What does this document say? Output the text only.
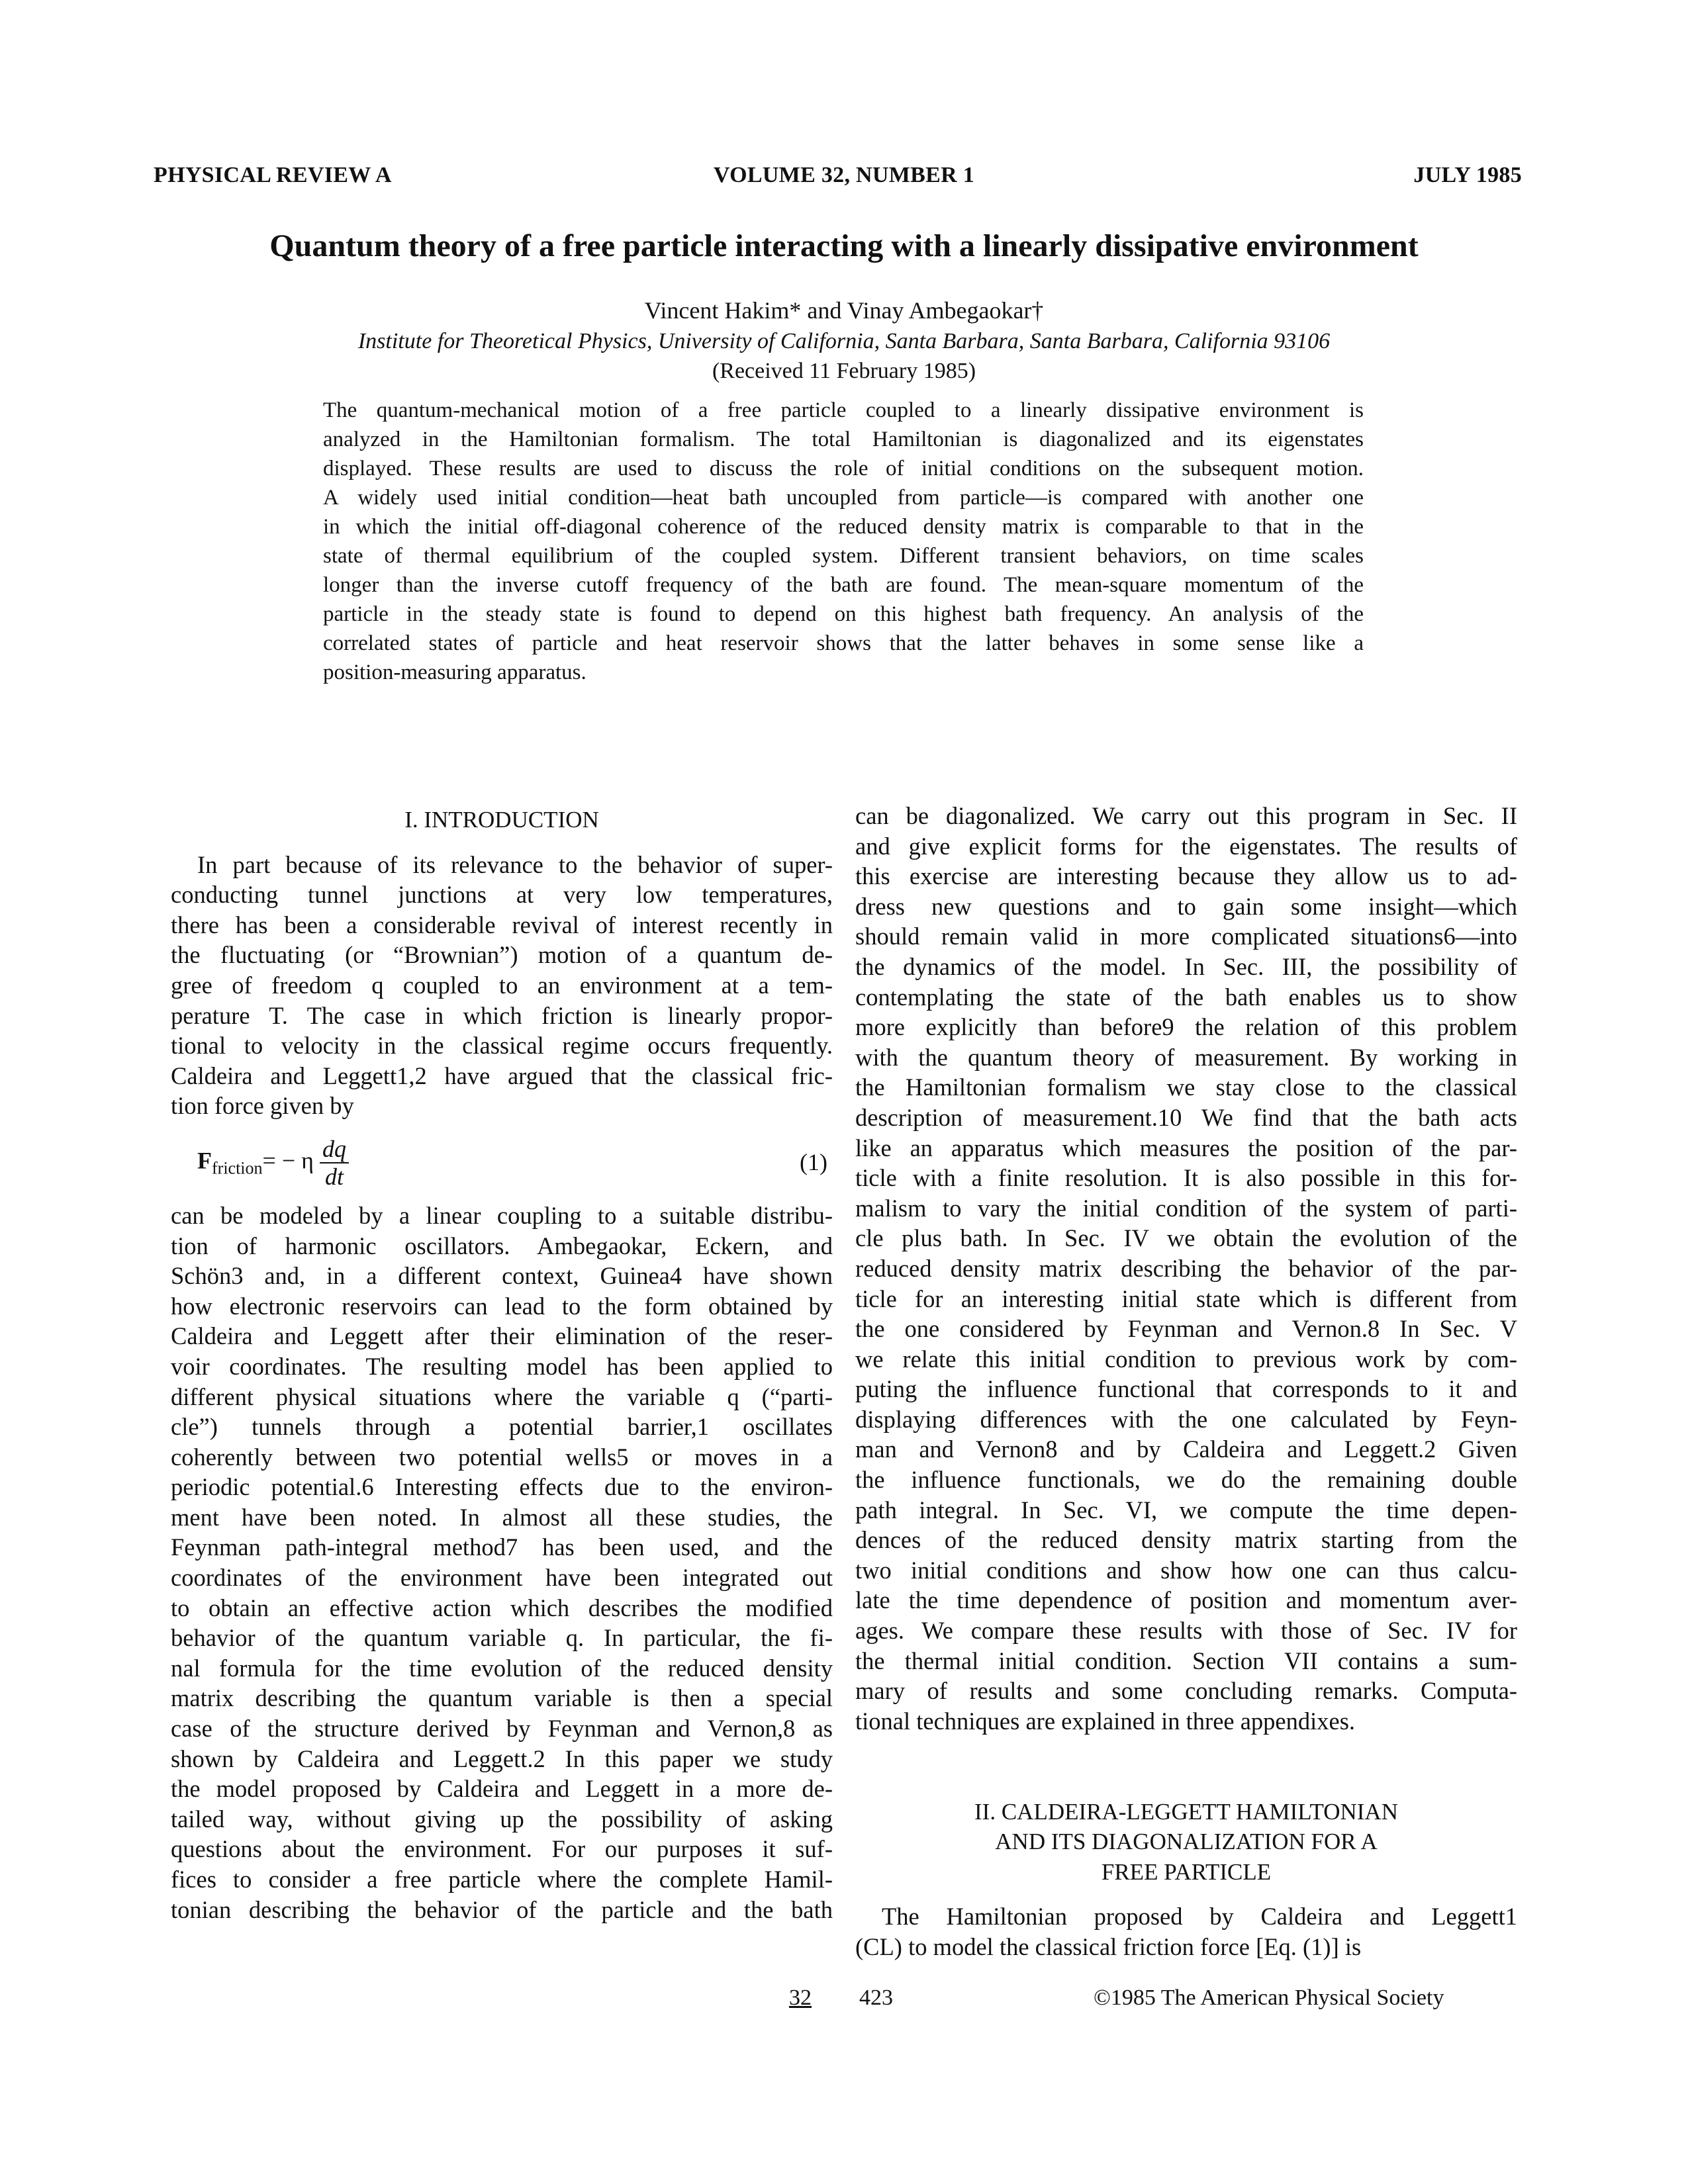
PHYSICAL REVIEW A	VOLUME 32, NUMBER 1	JULY 1985
Quantum theory of a free particle interacting with a linearly dissipative environment
Vincent Hakim* and Vinay Ambegaokar†
Institute for Theoretical Physics, University of California, Santa Barbara, Santa Barbara, California 93106
(Received 11 February 1985)
The quantum-mechanical motion of a free particle coupled to a linearly dissipative environment is
analyzed in the Hamiltonian formalism. The total Hamiltonian is diagonalized and its eigenstates
displayed. These results are used to discuss the role of initial conditions on the subsequent motion.
A widely used initial condition—heat bath uncoupled from particle—is compared with another one
in which the initial off-diagonal coherence of the reduced density matrix is comparable to that in the
state of thermal equilibrium of the coupled system. Different transient behaviors, on time scales
longer than the inverse cutoff frequency of the bath are found. The mean-square momentum of the
particle in the steady state is found to depend on this highest bath frequency. An analysis of the
correlated states of particle and heat reservoir shows that the latter behaves in some sense like a
position-measuring apparatus.
I. INTRODUCTION
In part because of its relevance to the behavior of super-
conducting tunnel junctions at very low temperatures,
there has been a considerable revival of interest recently in
the fluctuating (or “Brownian”) motion of a quantum de-
gree of freedom q coupled to an environment at a tem-
perature T. The case in which friction is linearly propor-
tional to velocity in the classical regime occurs frequently.
Caldeira and Leggett1,2 have argued that the classical fric-
tion force given by
$F_{friction}= - \eta \frac{dq}{dt}$	(1)
can be modeled by a linear coupling to a suitable distribu-
tion of harmonic oscillators. Ambegaokar, Eckern, and
Schön3 and, in a different context, Guinea4 have shown
how electronic reservoirs can lead to the form obtained by
Caldeira and Leggett after their elimination of the reser-
voir coordinates. The resulting model has been applied to
different physical situations where the variable q (“parti-
cle”) tunnels through a potential barrier,1 oscillates
coherently between two potential wells5 or moves in a
periodic potential.6 Interesting effects due to the environ-
ment have been noted. In almost all these studies, the
Feynman path-integral method7 has been used, and the
coordinates of the environment have been integrated out
to obtain an effective action which describes the modified
behavior of the quantum variable q. In particular, the fi-
nal formula for the time evolution of the reduced density
matrix describing the quantum variable is then a special
case of the structure derived by Feynman and Vernon,8 as
shown by Caldeira and Leggett.2 In this paper we study
the model proposed by Caldeira and Leggett in a more de-
tailed way, without giving up the possibility of asking
questions about the environment. For our purposes it suf-
fices to consider a free particle where the complete Hamil-
tonian describing the behavior of the particle and the bath
can be diagonalized. We carry out this program in Sec. II
and give explicit forms for the eigenstates. The results of
this exercise are interesting because they allow us to ad-
dress new questions and to gain some insight—which
should remain valid in more complicated situations6—into
the dynamics of the model. In Sec. III, the possibility of
contemplating the state of the bath enables us to show
more explicitly than before9 the relation of this problem
with the quantum theory of measurement. By working in
the Hamiltonian formalism we stay close to the classical
description of measurement.10 We find that the bath acts
like an apparatus which measures the position of the par-
ticle with a finite resolution. It is also possible in this for-
malism to vary the initial condition of the system of parti-
cle plus bath. In Sec. IV we obtain the evolution of the
reduced density matrix describing the behavior of the par-
ticle for an interesting initial state which is different from
the one considered by Feynman and Vernon.8 In Sec. V
we relate this initial condition to previous work by com-
puting the influence functional that corresponds to it and
displaying differences with the one calculated by Feyn-
man and Vernon8 and by Caldeira and Leggett.2 Given
the influence functionals, we do the remaining double
path integral. In Sec. VI, we compute the time depen-
dences of the reduced density matrix starting from the
two initial conditions and show how one can thus calcu-
late the time dependence of position and momentum aver-
ages. We compare these results with those of Sec. IV for
the thermal initial condition. Section VII contains a sum-
mary of results and some concluding remarks. Computa-
tional techniques are explained in three appendixes.
II. CALDEIRA-LEGGETT HAMILTONIAN
AND ITS DIAGONALIZATION FOR A
FREE PARTICLE
The Hamiltonian proposed by Caldeira and Leggett1
(CL) to model the classical friction force [Eq. (1)] is
32 423	©1985 The American Physical Society
